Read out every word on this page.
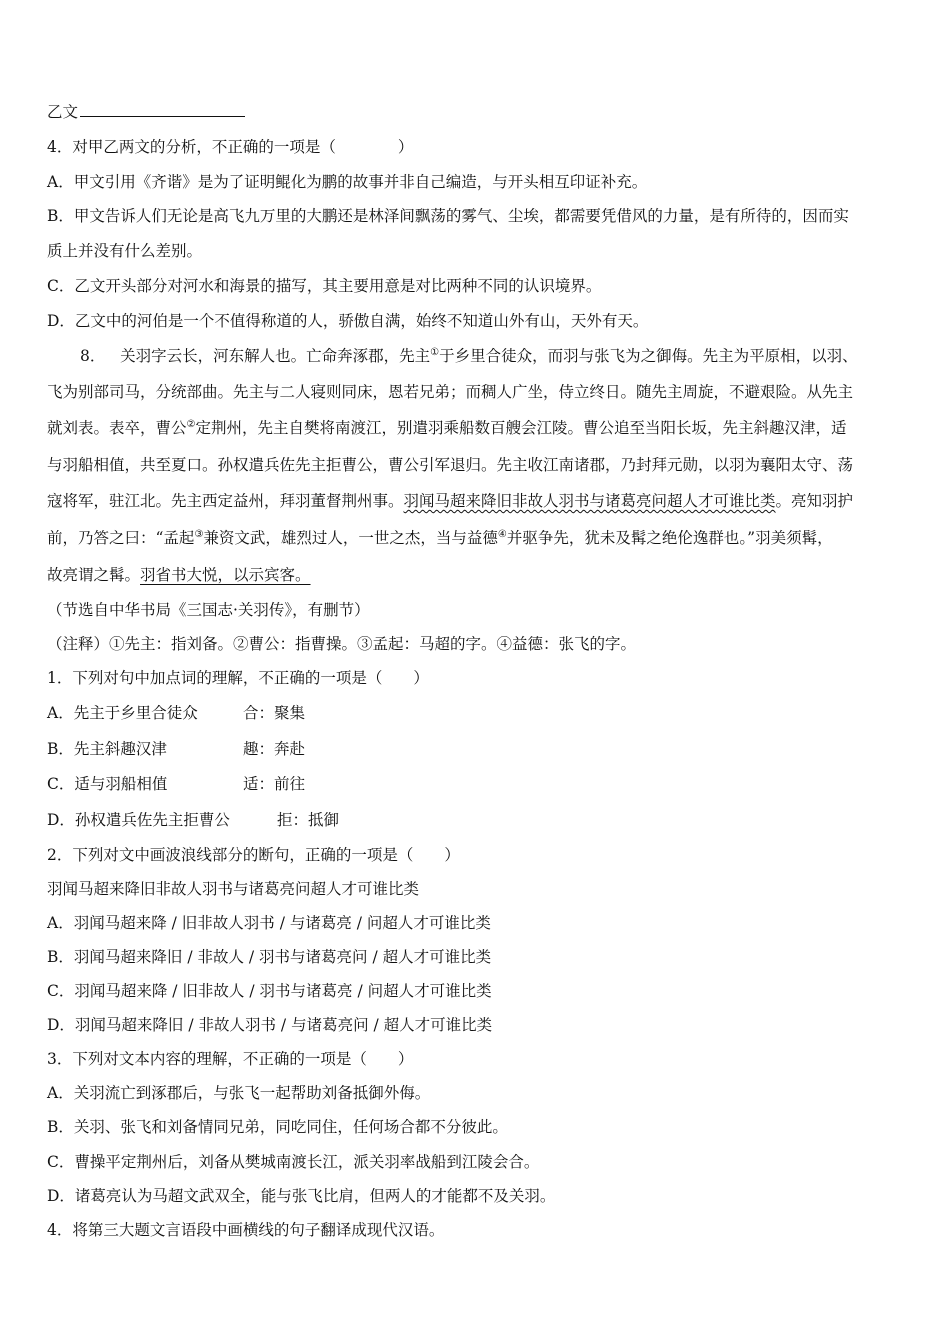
乙文
4．对甲乙两文的分析，不正确的一项是（　　　　）
A．甲文引用《齐谐》是为了证明鲲化为鹏的故事并非自己编造，与开头相互印证补充。
B．甲文告诉人们无论是高飞九万里的大鹏还是林泽间飘荡的雾气、尘埃，都需要凭借风的力量，是有所待的，因而实
质上并没有什么差别。
C．乙文开头部分对河水和海景的描写，其主要用意是对比两种不同的认识境界。
D．乙文中的河伯是一个不值得称道的人，骄傲自满，始终不知道山外有山，天外有天。
8． 关羽字云长，河东解人也。亡命奔涿郡，先主①于乡里合徒众，而羽与张飞为之御侮。先主为平原相，以羽、
飞为别部司马，分统部曲。先主与二人寝则同床，恩若兄弟；而稠人广坐，侍立终日。随先主周旋，不避艰险。从先主
就刘表。表卒，曹公②定荆州，先主自樊将南渡江，别遣羽乘船数百艘会江陵。曹公追至当阳长坂，先主斜趣汉津，适
与羽船相值，共至夏口。孙权遣兵佐先主拒曹公，曹公引军退归。先主收江南诸郡，乃封拜元勋，以羽为襄阳太守、荡
寇将军，驻江北。先主西定益州，拜羽董督荆州事。羽闻马超来降旧非故人羽书与诸葛亮问超人才可谁比类。亮知羽护
前，乃答之曰：“孟起③兼资文武，雄烈过人，一世之杰，当与益德④并驱争先，犹未及髯之绝伦逸群也。”羽美须髯，
故亮谓之髯。羽省书大悦，以示宾客。
（节选自中华书局《三国志·关羽传》，有删节）
（注释）①先主：指刘备。②曹公：指曹操。③孟起：马超的字。④益德：张飞的字。
1．下列对句中加点词的理解，不正确的一项是（　　）
A．先主于乡里合徒众	合：聚集
B．先主斜趣汉津	趣：奔赴
C．适与羽船相值	适：前往
D．孙权遣兵佐先主拒曹公	拒：抵御
2．下列对文中画波浪线部分的断句，正确的一项是（　　）
羽闻马超来降旧非故人羽书与诸葛亮问超人才可谁比类
A．羽闻马超来降 / 旧非故人羽书 / 与诸葛亮 / 问超人才可谁比类
B．羽闻马超来降旧 / 非故人 / 羽书与诸葛亮问 / 超人才可谁比类
C．羽闻马超来降 / 旧非故人 / 羽书与诸葛亮 / 问超人才可谁比类
D．羽闻马超来降旧 / 非故人羽书 / 与诸葛亮问 / 超人才可谁比类
3．下列对文本内容的理解，不正确的一项是（　　）
A．关羽流亡到涿郡后，与张飞一起帮助刘备抵御外侮。
B．关羽、张飞和刘备情同兄弟，同吃同住，任何场合都不分彼此。
C．曹操平定荆州后，刘备从樊城南渡长江，派关羽率战船到江陵会合。
D．诸葛亮认为马超文武双全，能与张飞比肩，但两人的才能都不及关羽。
4．将第三大题文言语段中画横线的句子翻译成现代汉语。
